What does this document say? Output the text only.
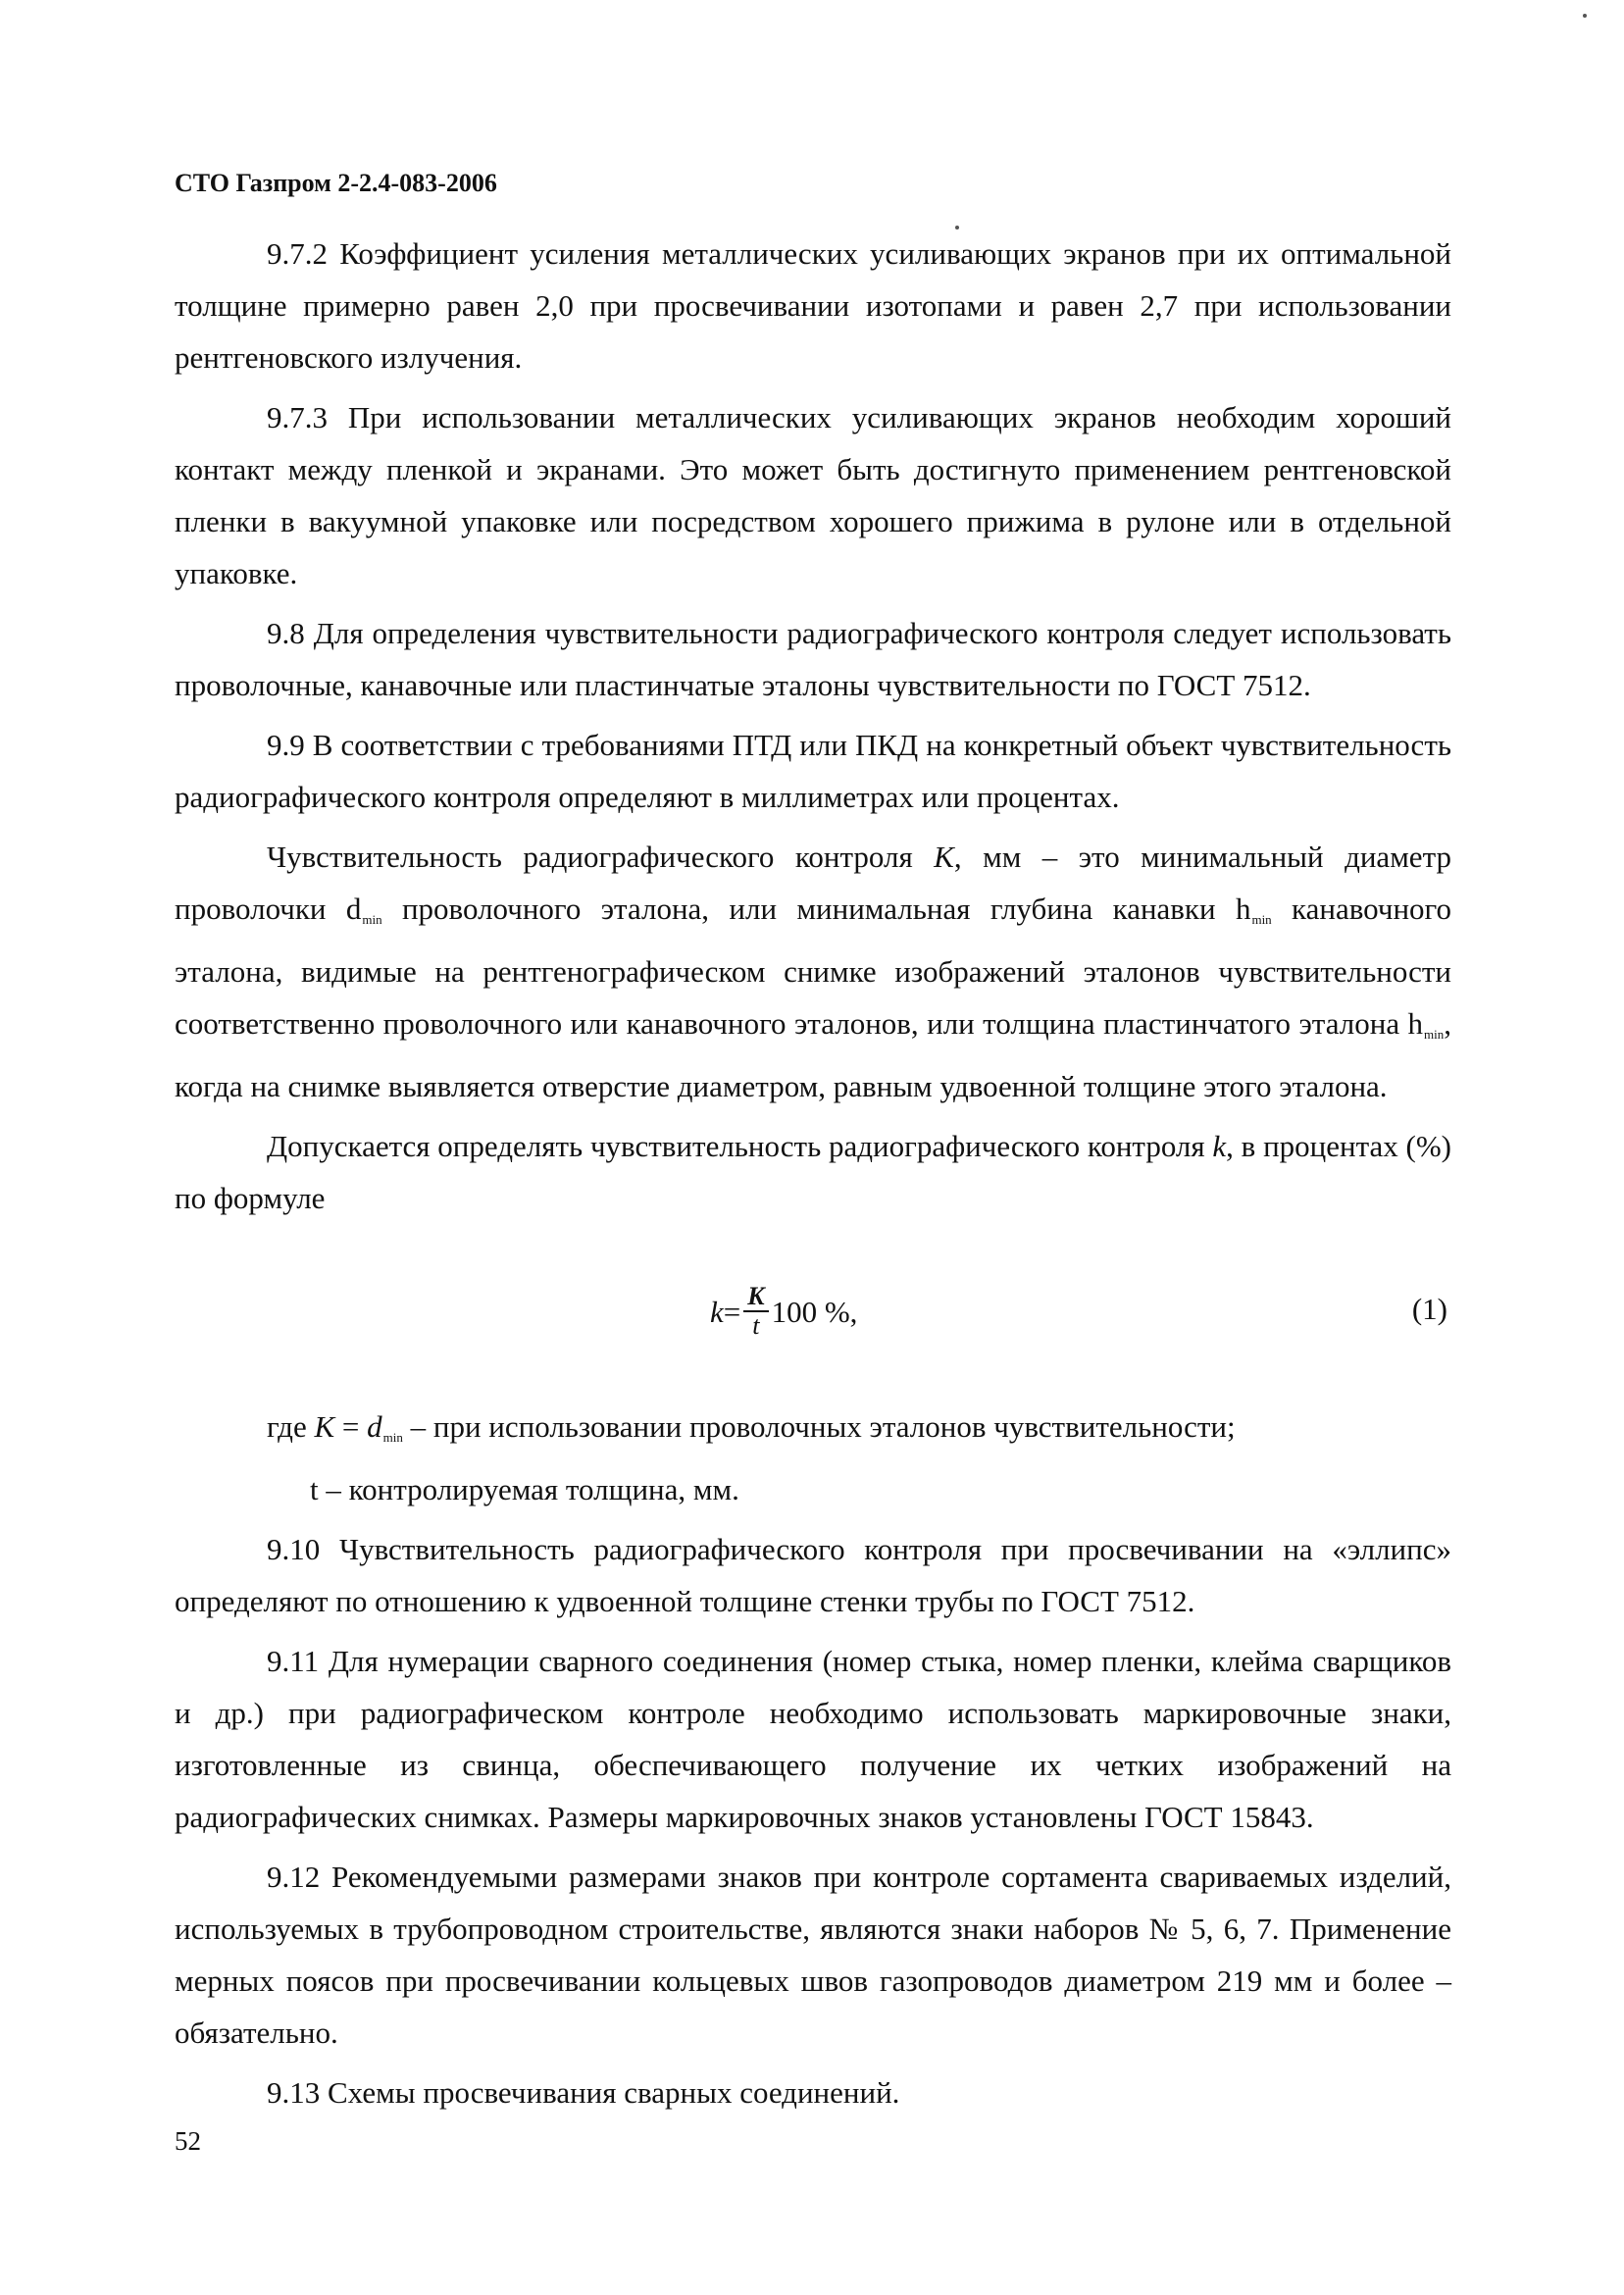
СТО Газпром 2-2.4-083-2006

9.7.2 Коэффициент усиления металлических усиливающих экранов при их оптимальной толщине примерно равен 2,0 при просвечивании изотопами и равен 2,7 при использовании рентгеновского излучения.

9.7.3 При использовании металлических усиливающих экранов необходим хороший контакт между пленкой и экранами. Это может быть достигнуто применением рентгеновской пленки в вакуумной упаковке или посредством хорошего прижима в рулоне или в отдельной упаковке.

9.8 Для определения чувствительности радиографического контроля следует использовать проволочные, канавочные или пластинчатые эталоны чувствительности по ГОСТ 7512.

9.9 В соответствии с требованиями ПТД или ПКД на конкретный объект чувствительность радиографического контроля определяют в миллиметрах или процентах.

Чувствительность радиографического контроля K, мм – это минимальный диаметр проволочки $d_{min}$ проволочного эталона, или минимальная глубина канавки $h_{min}$ канавочного эталона, видимые на рентгенографическом снимке изображений эталонов чувствительности соответственно проволочного или канавочного эталонов, или толщина пластинчатого эталона $h_{min}$, когда на снимке выявляется отверстие диаметром, равным удвоенной толщине этого эталона.

Допускается определять чувствительность радиографического контроля k, в процентах (%) по формуле

$k = \frac{K}{t} 100$ %,	(1)

где $K = d_{min}$ – при использовании проволочных эталонов чувствительности;

t – контролируемая толщина, мм.

9.10 Чувствительность радиографического контроля при просвечивании на «эллипс» определяют по отношению к удвоенной толщине стенки трубы по ГОСТ 7512.

9.11 Для нумерации сварного соединения (номер стыка, номер пленки, клейма сварщиков и др.) при радиографическом контроле необходимо использовать маркировочные знаки, изготовленные из свинца, обеспечивающего получение их четких изображений на радиографических снимках. Размеры маркировочных знаков установлены ГОСТ 15843.

9.12 Рекомендуемыми размерами знаков при контроле сортамента свариваемых изделий, используемых в трубопроводном строительстве, являются знаки наборов № 5, 6, 7. Применение мерных поясов при просвечивании кольцевых швов газопроводов диаметром 219 мм и более – обязательно.

9.13 Схемы просвечивания сварных соединений.

52
